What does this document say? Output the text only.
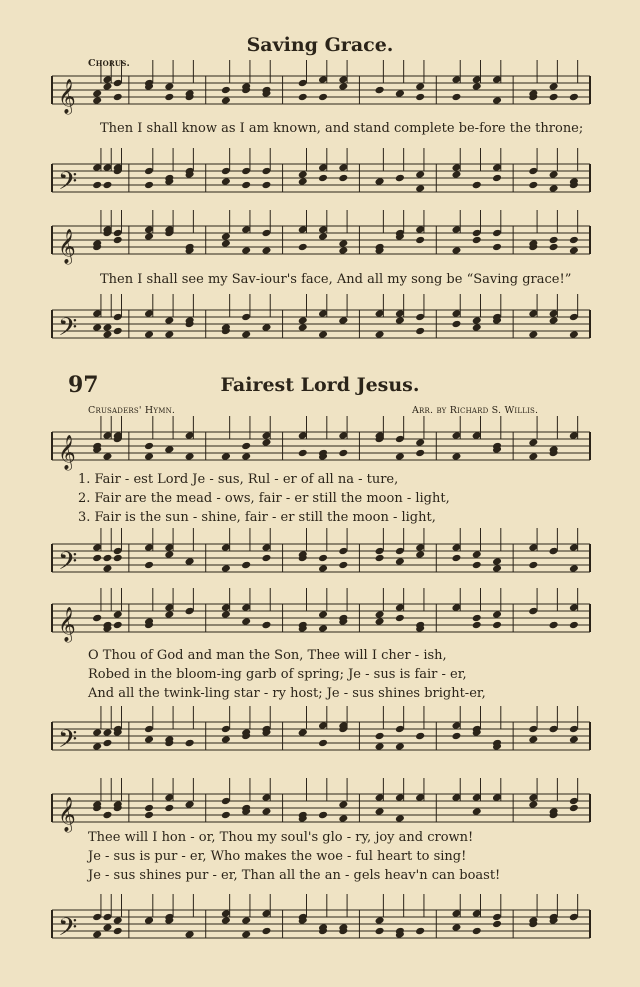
Saving Grace.
Chorus.
𝄞
Then I shall know as I am known, and stand complete be-fore the throne;
𝄢
𝄞
Then I shall see my Sav-iour's face, And all my song be “Saving grace!”
𝄢
97	Fairest Lord Jesus.
Crusaders' Hymn.	Arr. by Richard S. Willis.
𝄞
1. Fair - est Lord Je - sus, Rul - er of all na - ture,
2. Fair are the mead - ows, fair - er still the moon - light,
3. Fair is the sun - shine, fair - er still the moon - light,
𝄢
𝄞
O Thou of God and man the Son, Thee will I cher - ish,
Robed in the bloom-ing garb of spring; Je - sus is fair - er,
And all the twink-ling star - ry host; Je - sus shines bright-er,
𝄢
𝄞
Thee will I hon - or, Thou my soul's glo - ry, joy and crown!
Je - sus is pur - er, Who makes the woe - ful heart to sing!
Je - sus shines pur - er, Than all the an - gels heav'n can boast!
𝄢
